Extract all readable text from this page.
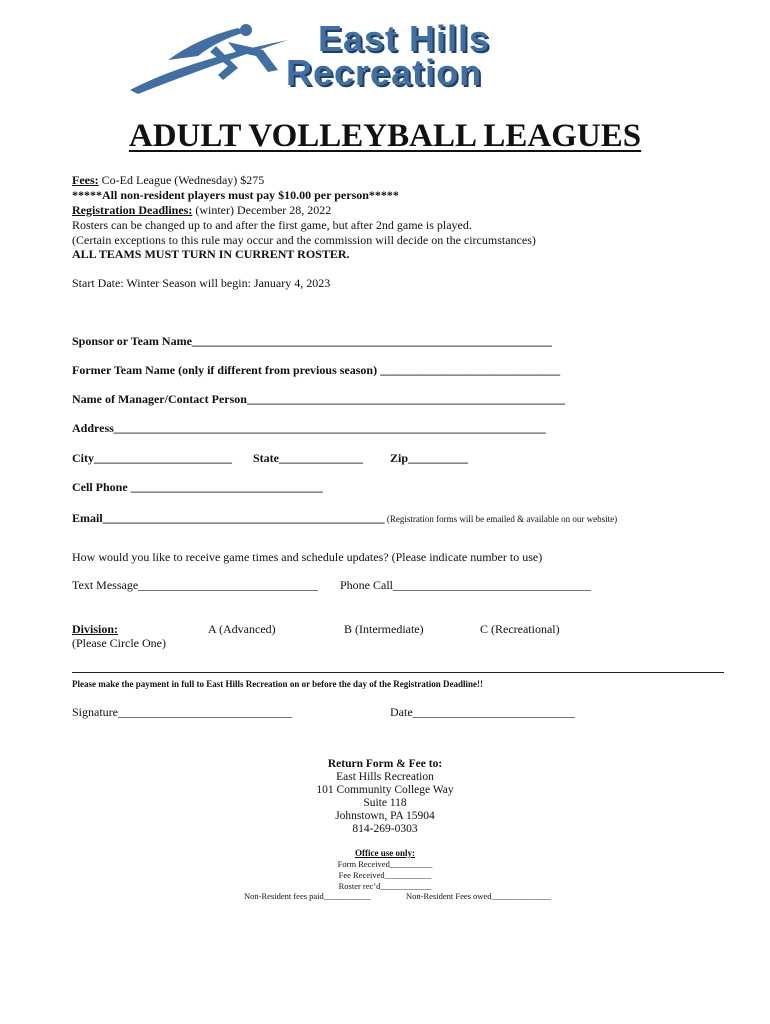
East Hills
Recreation
ADULT VOLLEYBALL LEAGUES
Fees: Co-Ed League (Wednesday) $275
*****All non-resident players must pay $10.00 per person*****
Registration Deadlines: (winter) December 28, 2022
Rosters can be changed up to and after the first game, but after 2nd game is played.
(Certain exceptions to this rule may occur and the commission will decide on the circumstances)
ALL TEAMS MUST TURN IN CURRENT ROSTER.
Start Date: Winter Season will begin: January 4, 2023
Sponsor or Team Name____________________________________________________________
Former Team Name (only if different from previous season) ______________________________
Name of Manager/Contact Person_____________________________________________________
Address________________________________________________________________________
City_______________________ State______________ Zip__________
Cell Phone ________________________________
Email_______________________________________________ (Registration forms will be emailed & available on our website)
How would you like to receive game times and schedule updates? (Please indicate number to use)
Text Message______________________________ Phone Call_________________________________
Division:
(Please Circle One)
A (Advanced)	B (Intermediate)	C (Recreational)
Please make the payment in full to East Hills Recreation on or before the day of the Registration Deadline!!
Signature_____________________________	Date___________________________
Return Form & Fee to:
East Hills Recreation
101 Community College Way
Suite 118
Johnstown, PA 15904
814-269-0303
Office use only:
Form Received__________
Fee Received___________
Roster rec’d____________
Non-Resident fees paid___________	Non-Resident Fees owed______________
